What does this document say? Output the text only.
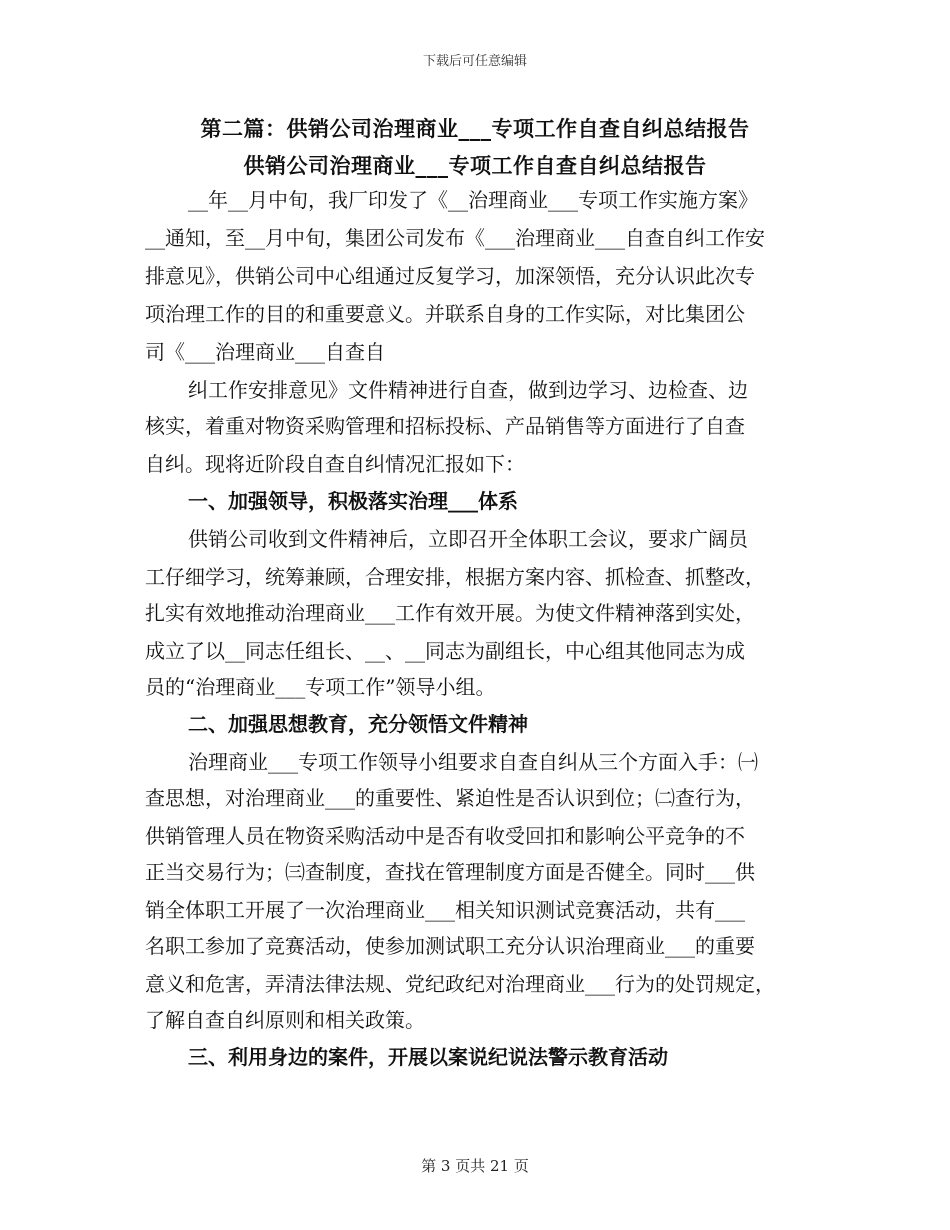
下载后可任意编辑
第二篇：供销公司治理商业___专项工作自查自纠总结报告
供销公司治理商业___专项工作自查自纠总结报告
__年__月中旬，我厂印发了《__治理商业___专项工作实施方案》
__通知，至__月中旬，集团公司发布《___治理商业___自查自纠工作安
排意见》，供销公司中心组通过反复学习，加深领悟，充分认识此次专
项治理工作的目的和重要意义。并联系自身的工作实际，对比集团公
司《___治理商业___自查自
纠工作安排意见》文件精神进行自查，做到边学习、边检查、边
核实，着重对物资采购管理和招标投标、产品销售等方面进行了自查
自纠。现将近阶段自查自纠情况汇报如下：
一、加强领导，积极落实治理___体系
供销公司收到文件精神后，立即召开全体职工会议，要求广阔员
工仔细学习，统筹兼顾，合理安排，根据方案内容、抓检查、抓整改，
扎实有效地推动治理商业___工作有效开展。为使文件精神落到实处，
成立了以__同志任组长、__、__同志为副组长，中心组其他同志为成
员的“治理商业___专项工作”领导小组。
二、加强思想教育，充分领悟文件精神
治理商业___专项工作领导小组要求自查自纠从三个方面入手：㈠
查思想，对治理商业___的重要性、紧迫性是否认识到位；㈡查行为，
供销管理人员在物资采购活动中是否有收受回扣和影响公平竞争的不
正当交易行为；㈢查制度，查找在管理制度方面是否健全。同时___供
销全体职工开展了一次治理商业___相关知识测试竞赛活动，共有___
名职工参加了竞赛活动，使参加测试职工充分认识治理商业___的重要
意义和危害，弄清法律法规、党纪政纪对治理商业___行为的处罚规定，
了解自查自纠原则和相关政策。
三、利用身边的案件，开展以案说纪说法警示教育活动
第 3 页共 21 页
